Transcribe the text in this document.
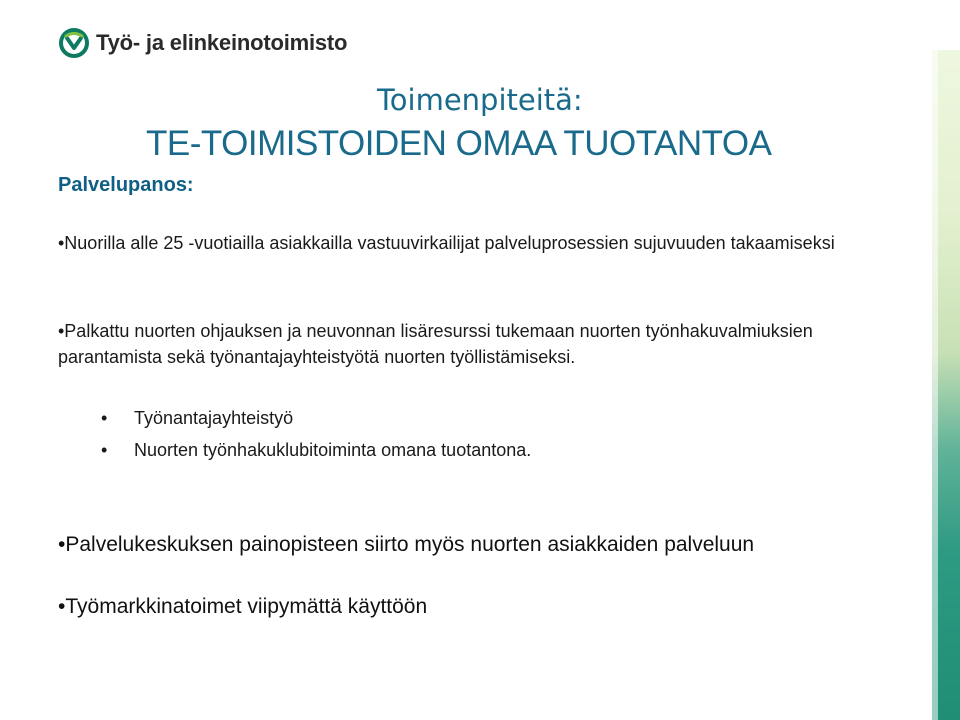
Työ- ja elinkeinotoimisto
Toimenpiteitä:
TE-TOIMISTOIDEN OMAA TUOTANTOA
Palvelupanos:
•Nuorilla alle 25 -vuotiailla asiakkailla vastuuvirkailijat palveluprosessien sujuvuuden takaamiseksi
•Palkattu nuorten ohjauksen ja neuvonnan lisäresurssi tukemaan nuorten työnhakuvalmiuksien parantamista sekä työnantajayhteistyötä nuorten työllistämiseksi.
• Työnantajayhteistyö
• Nuorten työnhakuklubitoiminta omana tuotantona.
•Palvelukeskuksen painopisteen siirto myös nuorten asiakkaiden palveluun
•Työmarkkinatoimet viipymättä käyttöön
